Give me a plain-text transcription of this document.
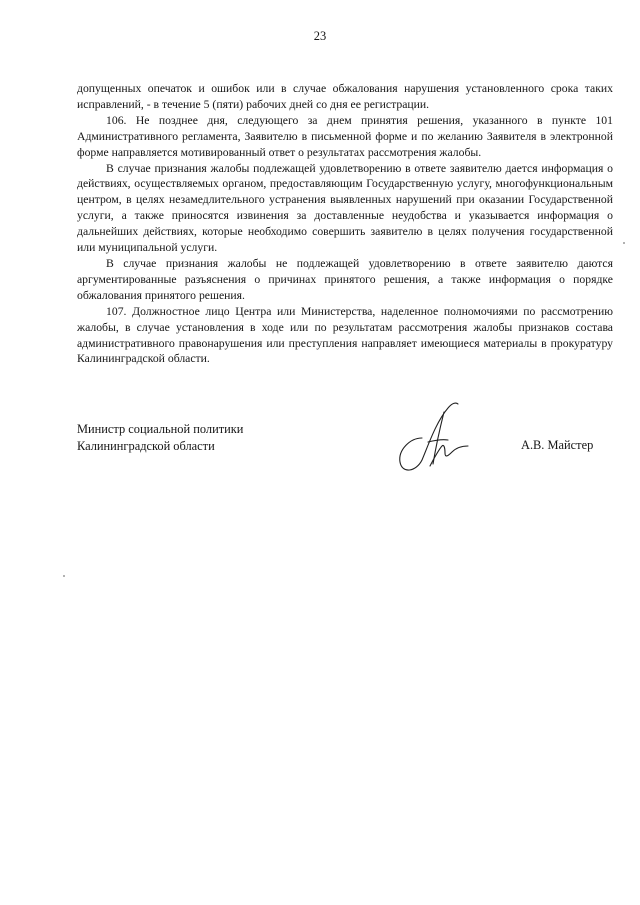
23

допущенных опечаток и ошибок или в случае обжалования нарушения установленного срока таких исправлений, - в течение 5 (пяти) рабочих дней со дня ее регистрации.

106. Не позднее дня, следующего за днем принятия решения, указанного в пункте 101 Административного регламента, Заявителю в письменной форме и по желанию Заявителя в электронной форме направляется мотивированный ответ о результатах рассмотрения жалобы.

В случае признания жалобы подлежащей удовлетворению в ответе заявителю дается информация о действиях, осуществляемых органом, предоставляющим Государственную услугу, многофункциональным центром, в целях незамедлительного устранения выявленных нарушений при оказании Государственной услуги, а также приносятся извинения за доставленные неудобства и указывается информация о дальнейших действиях, которые необходимо совершить заявителю в целях получения государственной или муниципальной услуги.

В случае признания жалобы не подлежащей удовлетворению в ответе заявителю даются аргументированные разъяснения о причинах принятого решения, а также информация о порядке обжалования принятого решения.

107. Должностное лицо Центра или Министерства, наделенное полномочиями по рассмотрению жалобы, в случае установления в ходе или по результатам рассмотрения жалобы признаков состава административного правонарушения или преступления направляет имеющиеся материалы в прокуратуру Калининградской области.

Министр социальной политики
Калининградской области	А.В. Майстер
